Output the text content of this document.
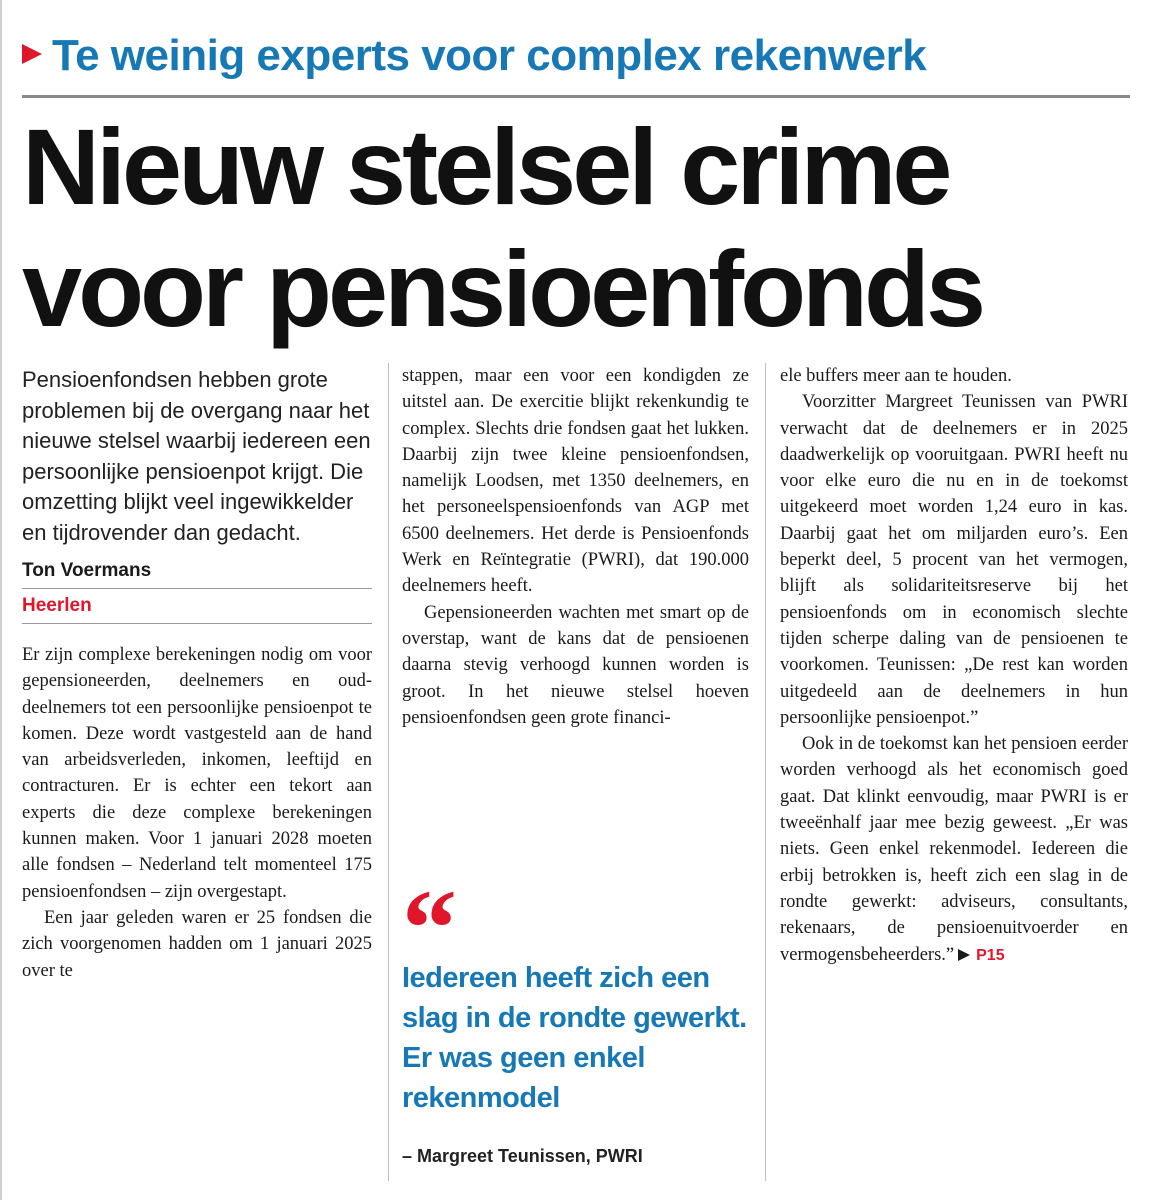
Te weinig experts voor complex rekenwerk
Nieuw stelsel crime
voor pensioenfonds
Pensioenfondsen hebben grote problemen bij de overgang naar het nieuwe stelsel waarbij iedereen een persoonlijke pensioenpot krijgt. Die omzetting blijkt veel ingewikkelder en tijdrovender dan gedacht.
Ton Voermans
Heerlen

Er zijn complexe berekeningen nodig om voor gepensioneerden, deelnemers en oud-deelnemers tot een persoonlijke pensioenpot te komen. Deze wordt vastgesteld aan de hand van arbeidsverleden, inkomen, leeftijd en contracturen. Er is echter een tekort aan experts die deze complexe berekeningen kunnen maken. Voor 1 januari 2028 moeten alle fondsen – Nederland telt momenteel 175 pensioenfondsen – zijn overgestapt.

Een jaar geleden waren er 25 fondsen die zich voorgenomen hadden om 1 januari 2025 over te

stappen, maar een voor een kondigden ze uitstel aan. De exercitie blijkt rekenkundig te complex. Slechts drie fondsen gaat het lukken. Daarbij zijn twee kleine pensioenfondsen, namelijk Loodsen, met 1350 deelnemers, en het personeelspensioenfonds van AGP met 6500 deelnemers. Het derde is Pensioenfonds Werk en Reïntegratie (PWRI), dat 190.000 deelnemers heeft.

Gepensioneerden wachten met smart op de overstap, want de kans dat de pensioenen daarna stevig verhoogd kunnen worden is groot. In het nieuwe stelsel hoeven pensioenfondsen geen grote financi-

“
Iedereen heeft zich een slag in de rondte gewerkt. Er was geen enkel rekenmodel
– Margreet Teunissen, PWRI

ele buffers meer aan te houden.

Voorzitter Margreet Teunissen van PWRI verwacht dat de deelnemers er in 2025 daadwerkelijk op vooruitgaan. PWRI heeft nu voor elke euro die nu en in de toekomst uitgekeerd moet worden 1,24 euro in kas. Daarbij gaat het om miljarden euro’s. Een beperkt deel, 5 procent van het vermogen, blijft als solidariteitsreserve bij het pensioenfonds om in economisch slechte tijden scherpe daling van de pensioenen te voorkomen. Teunissen: „De rest kan worden uitgedeeld aan de deelnemers in hun persoonlijke pensioenpot.”

Ook in de toekomst kan het pensioen eerder worden verhoogd als het economisch goed gaat. Dat klinkt eenvoudig, maar PWRI is er tweeënhalf jaar mee bezig geweest. „Er was niets. Geen enkel rekenmodel. Iedereen die erbij betrokken is, heeft zich een slag in de rondte gewerkt: adviseurs, consultants, rekenaars, de pensioenuitvoerder en vermogensbeheerders.” P15
